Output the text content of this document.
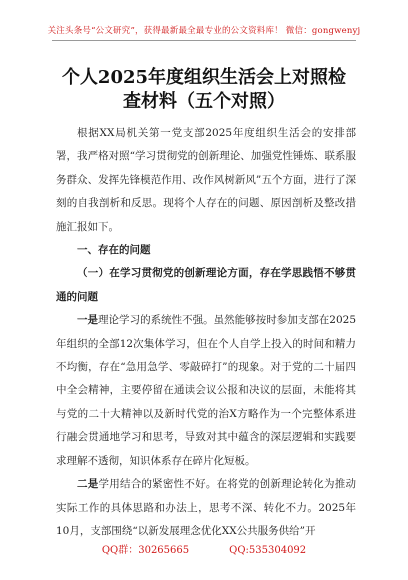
关注头条号“公文研究”，获得最新最全最专业的公文资料库！ 微信：gongwenyj
个人2025年度组织生活会上对照检查材料（五个对照）

根据XX局机关第一党支部2025年度组织生活会的安排部署，我严格对照“学习贯彻党的创新理论、加强党性锤炼、联系服务群众、发挥先锋模范作用、改作风树新风”五个方面，进行了深刻的自我剖析和反思。现将个人存在的问题、原因剖析及整改措施汇报如下。

一、存在的问题

（一）在学习贯彻党的创新理论方面，存在学思践悟不够贯通的问题

一是理论学习的系统性不强。虽然能够按时参加支部在2025年组织的全部12次集体学习，但在个人自学上投入的时间和精力不均衡，存在“急用急学、零敲碎打”的现象。对于党的二十届四中全会精神，主要停留在通读会议公报和决议的层面，未能将其与党的二十大精神以及新时代党的治X方略作为一个完整体系进行融会贯通地学习和思考，导致对其中蕴含的深层逻辑和实践要求理解不透彻，知识体系存在碎片化短板。

二是学用结合的紧密性不好。在将党的创新理论转化为推动实际工作的具体思路和办法上，思考不深、转化不力。2025年10月，支部围绕“以新发展理念优化XX公共服务供给”开

QQ群：30265665	QQ:535304092
